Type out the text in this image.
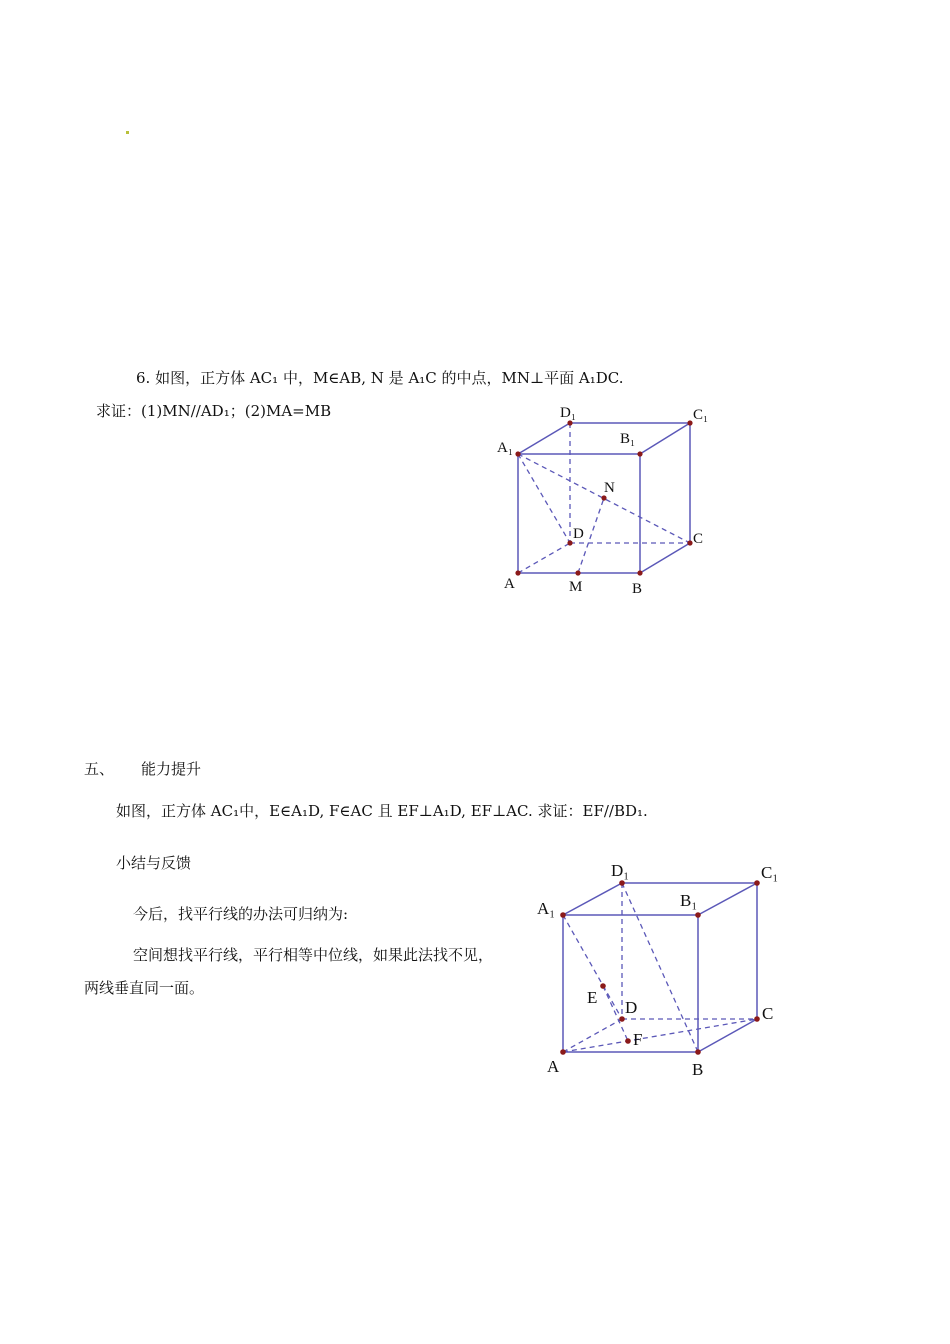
6. 如图，正方体 AC₁ 中，M∈AB, N 是 A₁C 的中点，MN⊥平面 A₁DC.
求证：(1)MN//AD₁；(2)MA=MB	D₁	C₁
B₁
A₁
N
D	C
A	M	B
五、 能力提升
如图，正方体 AC₁中，E∈A₁D, F∈AC 且 EF⊥A₁D, EF⊥AC. 求证：EF//BD₁.
小结与反馈
今后，找平行线的办法可归纳为:
空间想找平行线，平行相等中位线，如果此法找不见，
两线垂直同一面。
D₁	C₁
A₁	B₁
E
D	C
F
A	B
